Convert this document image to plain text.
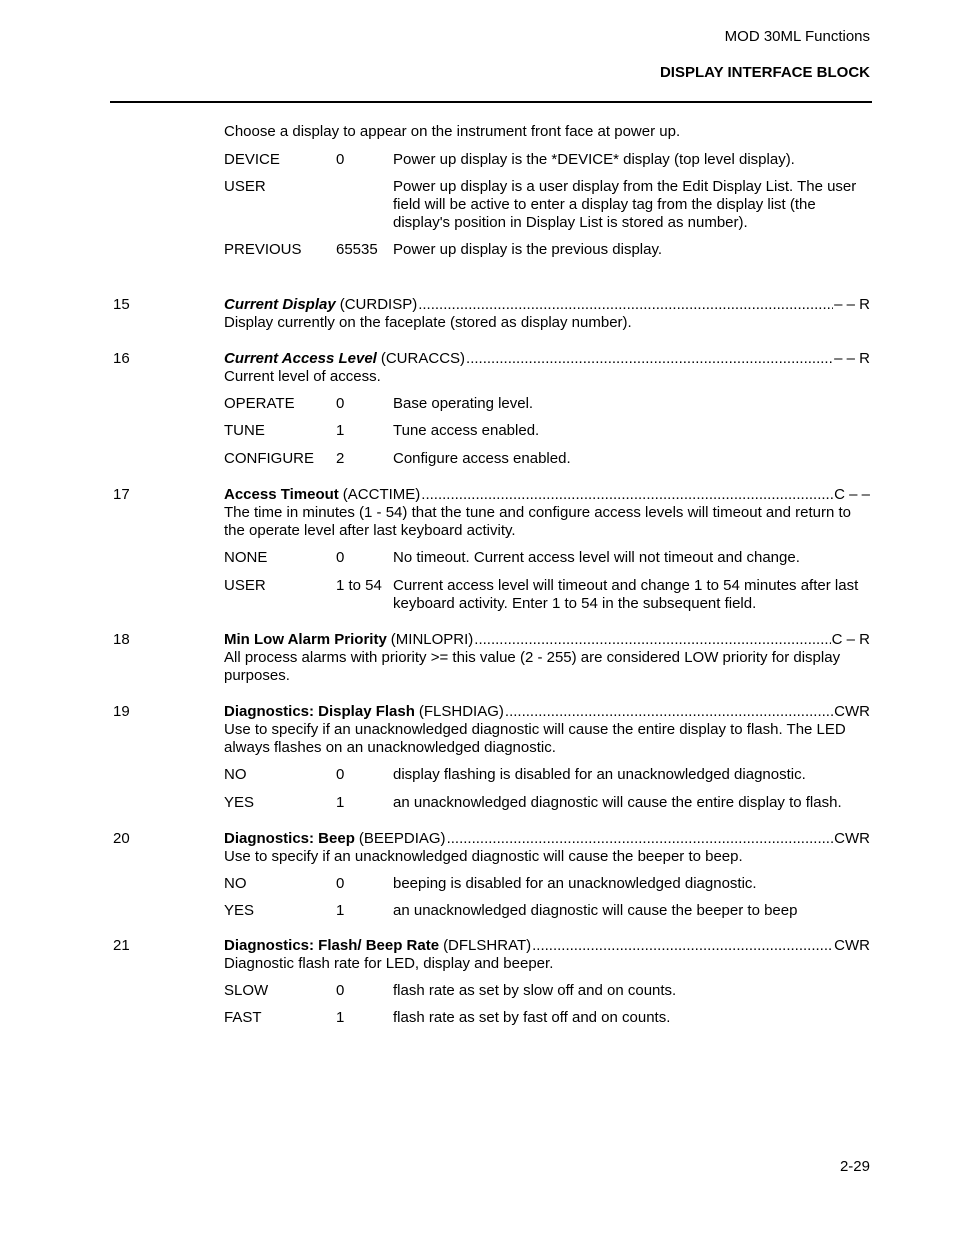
MOD 30ML Functions
DISPLAY INTERFACE BLOCK
Choose a display to appear on the instrument front face at power up.
DEVICE	0	Power up display is the *DEVICE* display (top level display).
USER	Power up display is a user display from the Edit Display List. The user field will be active to enter a display tag from the display list (the display's position in Display List is stored as number).
PREVIOUS 65535 Power up display is the previous display.
15	Current Display (CURDISP) .....	– – R
Display currently on the faceplate (stored as display number).
16	Current Access Level (CURACCS) .....	– – R
Current level of access.
OPERATE	0	Base operating level.
TUNE	1	Tune access enabled.
CONFIGURE 2	Configure access enabled.
17	Access Timeout (ACCTIME) .....	C – –
The time in minutes (1 - 54) that the tune and configure access levels will timeout and return to the operate level after last keyboard activity.
NONE	0	No timeout. Current access level will not timeout and change.
USER	1 to 54 Current access level will timeout and change 1 to 54 minutes after last keyboard activity. Enter 1 to 54 in the subsequent field.
18	Min Low Alarm Priority (MINLOPRI) .....	C – R
All process alarms with priority >= this value (2 - 255) are considered LOW priority for display purposes.
19	Diagnostics: Display Flash (FLSHDIAG) .....	CWR
Use to specify if an unacknowledged diagnostic will cause the entire display to flash. The LED always flashes on an unacknowledged diagnostic.
NO	0	display flashing is disabled for an unacknowledged diagnostic.
YES	1	an unacknowledged diagnostic will cause the entire display to flash.
20	Diagnostics: Beep (BEEPDIAG) .....	CWR
Use to specify if an unacknowledged diagnostic will cause the beeper to beep.
NO	0	beeping is disabled for an unacknowledged diagnostic.
YES	1	an unacknowledged diagnostic will cause the beeper to beep
21	Diagnostics: Flash/ Beep Rate (DFLSHRAT) .....	CWR
Diagnostic flash rate for LED, display and beeper.
SLOW	0	flash rate as set by slow off and on counts.
FAST	1	flash rate as set by fast off and on counts.
2-29
